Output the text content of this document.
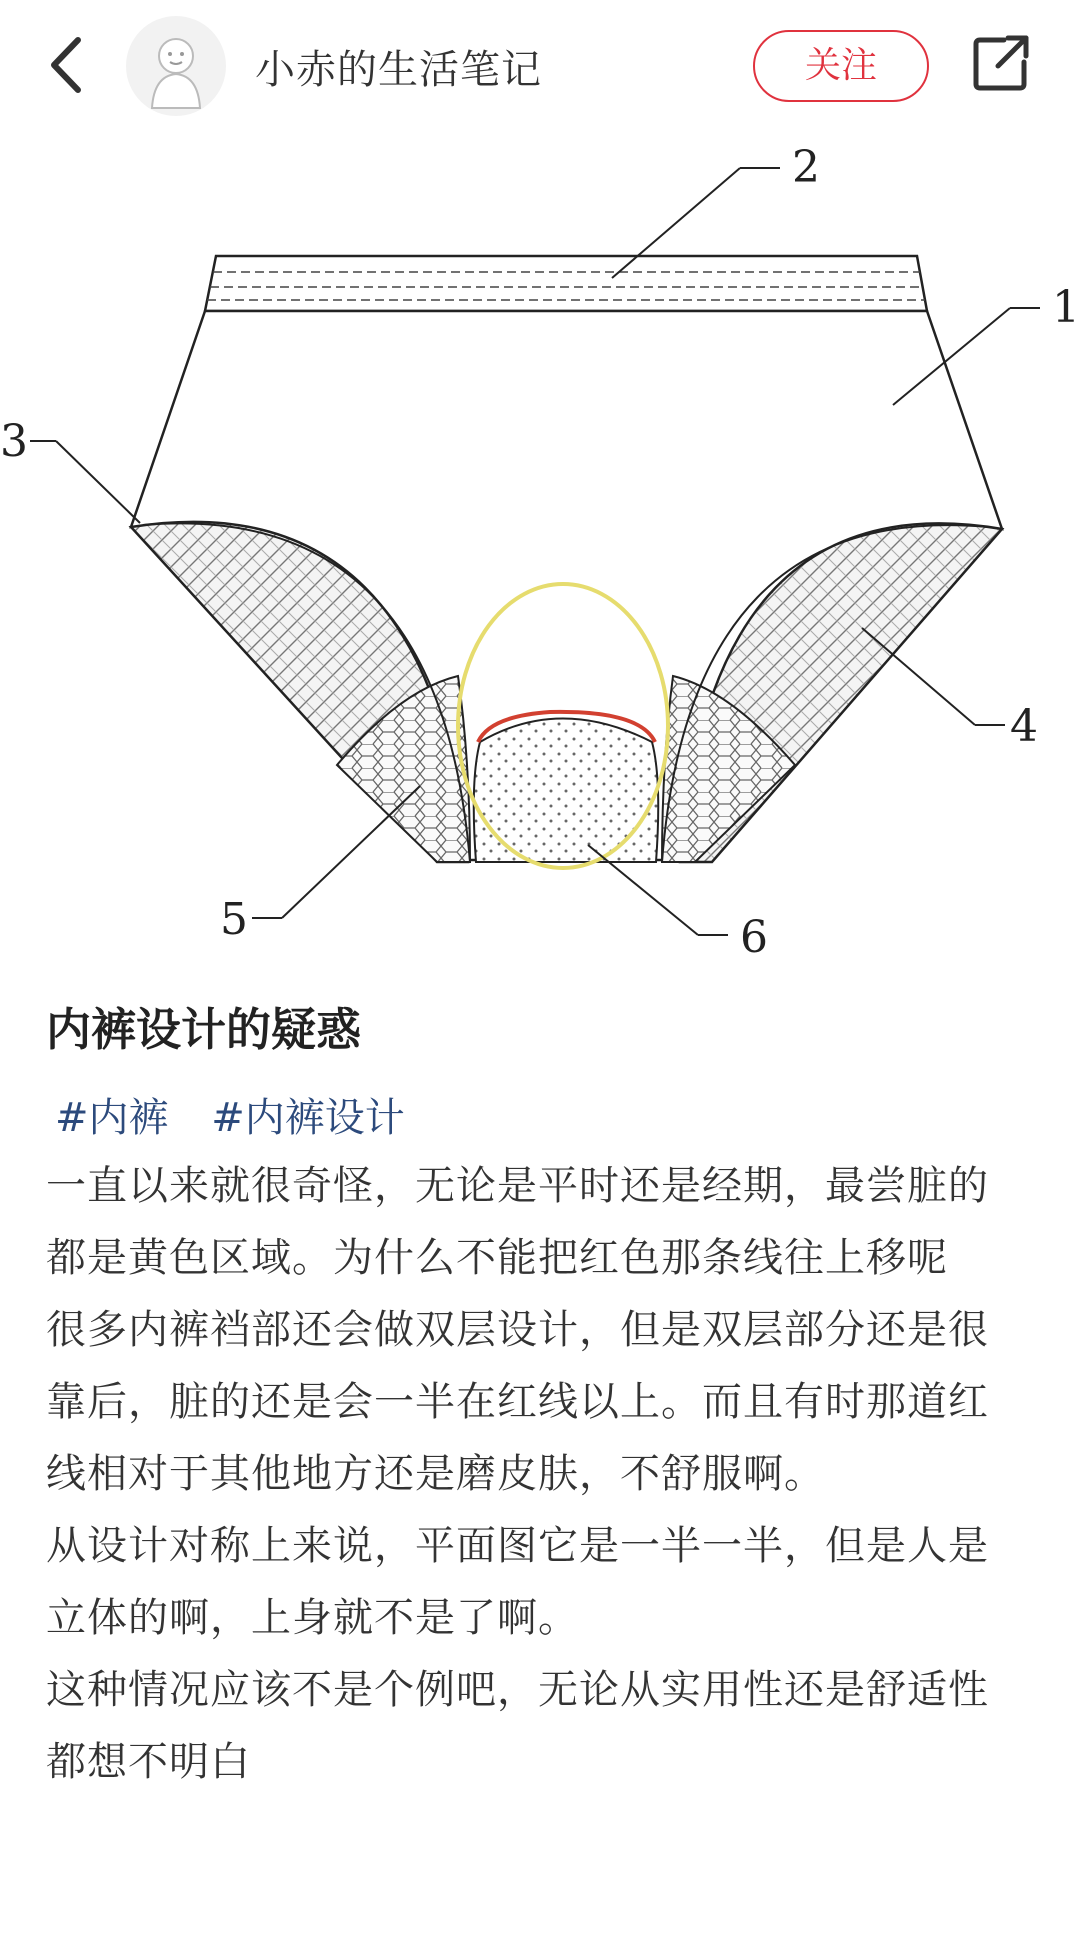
小赤的生活笔记	关注
2
1
3
4
5	6
内裤设计的疑惑
#内裤 #内裤设计

一直以来就很奇怪，无论是平时还是经期，最尝脏的都是黄色区域。为什么不能把红色那条线往上移呢

很多内裤裆部还会做双层设计，但是双层部分还是很靠后，脏的还是会一半在红线以上。而且有时那道红线相对于其他地方还是磨皮肤，不舒服啊。

从设计对称上来说，平面图它是一半一半，但是人是立体的啊，上身就不是了啊。

这种情况应该不是个例吧，无论从实用性还是舒适性都想不明白
